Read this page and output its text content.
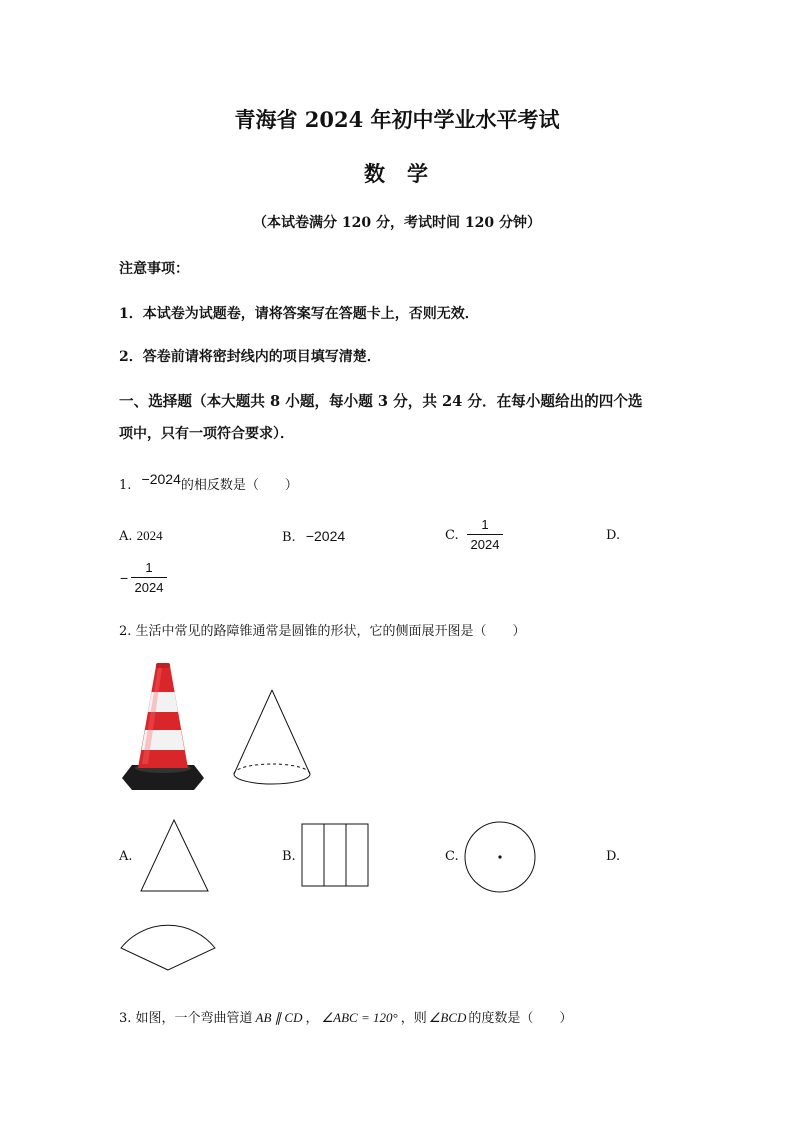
青海省 2024 年初中学业水平考试
数 学
（本试卷满分 120 分，考试时间 120 分钟）
注意事项：
1．本试卷为试题卷，请将答案写在答题卡上，否则无效．
2．答卷前请将密封线内的项目填写清楚．
一、选择题（本大题共 8 小题，每小题 3 分，共 24 分．在每小题给出的四个选
项中，只有一项符合要求）．
1. −2024的相反数是（　　）
A. 2024	B. −2024	C.
1
2024
D.
−
1
2024
2. 生活中常见的路障锥通常是圆锥的形状，它的侧面展开图是（　　）
A.	B.	C.	D.
3. 如图，一个弯曲管道 AB ∥ CD ， ∠ABC = 120° ，则 ∠BCD 的度数是（　　）
